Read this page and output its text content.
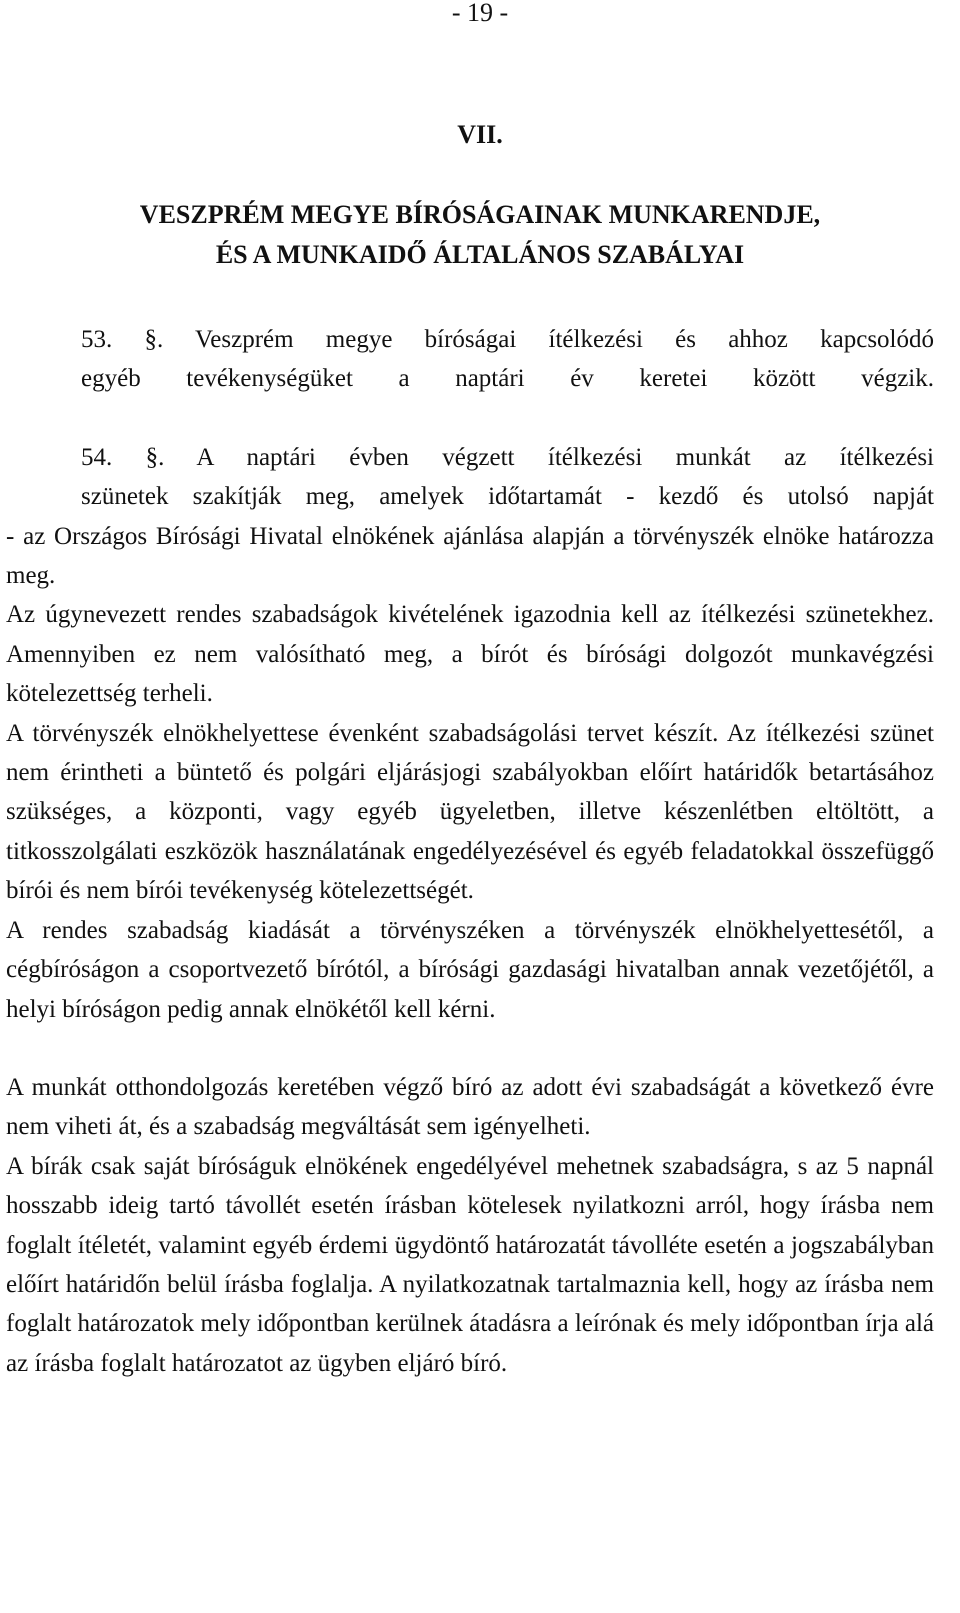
- 19 -
VII.
VESZPRÉM MEGYE BÍRÓSÁGAINAK MUNKARENDJE,
ÉS A MUNKAIDŐ ÁLTALÁNOS SZABÁLYAI

53. §. Veszprém megye bíróságai ítélkezési és ahhoz kapcsolódó

egyéb tevékenységüket a naptári év keretei között végzik.

54. §. A naptári évben végzett ítélkezési munkát az ítélkezési

szünetek szakítják meg, amelyek időtartamát - kezdő és utolsó napját

- az Országos Bírósági Hivatal elnökének ajánlása alapján a törvényszék elnöke határozza meg.

Az úgynevezett rendes szabadságok kivételének igazodnia kell az ítélkezési szünetekhez. Amennyiben ez nem valósítható meg, a bírót és bírósági dolgozót munkavégzési kötelezettség terheli.

A törvényszék elnökhelyettese évenként szabadságolási tervet készít. Az ítélkezési szünet nem érintheti a büntető és polgári eljárásjogi szabályokban előírt határidők betartásához szükséges, a központi, vagy egyéb ügyeletben, illetve készenlétben eltöltött, a titkosszolgálati eszközök használatának engedélyezésével és egyéb feladatokkal összefüggő bírói és nem bírói tevékenység kötelezettségét.

A rendes szabadság kiadását a törvényszéken a törvényszék elnökhelyettesétől, a cégbíróságon a csoportvezető bírótól, a bírósági gazdasági hivatalban annak vezetőjétől, a helyi bíróságon pedig annak elnökétől kell kérni.

A munkát otthondolgozás keretében végző bíró az adott évi szabadságát a következő évre nem viheti át, és a szabadság megváltását sem igényelheti.

A bírák csak saját bíróságuk elnökének engedélyével mehetnek szabadságra, s az 5 napnál hosszabb ideig tartó távollét esetén írásban kötelesek nyilatkozni arról, hogy írásba nem foglalt ítéletét, valamint egyéb érdemi ügydöntő határozatát távolléte esetén a jogszabályban előírt határidőn belül írásba foglalja. A nyilatkozatnak tartalmaznia kell, hogy az írásba nem foglalt határozatok mely időpontban kerülnek átadásra a leírónak és mely időpontban írja alá az írásba foglalt határozatot az ügyben eljáró bíró.
